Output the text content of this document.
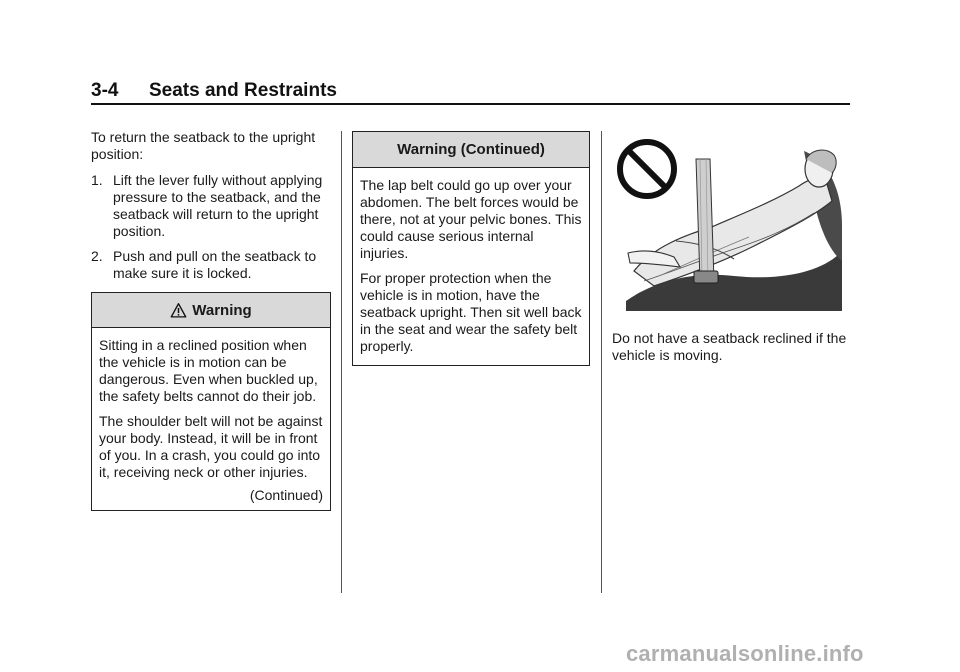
3-4 Seats and Restraints

To return the seatback to the upright position:

1. Lift the lever fully without applying pressure to the seatback, and the seatback will return to the upright position.
2. Push and pull on the seatback to make sure it is locked.
Warning

Sitting in a reclined position when the vehicle is in motion can be dangerous. Even when buckled up, the safety belts cannot do their job.

The shoulder belt will not be against your body. Instead, it will be in front of you. In a crash, you could go into it, receiving neck or other injuries.

(Continued)
Warning (Continued)

The lap belt could go up over your abdomen. The belt forces would be there, not at your pelvic bones. This could cause serious internal injuries.

For proper protection when the vehicle is in motion, have the seatback upright. Then sit well back in the seat and wear the safety belt properly.	Do not have a seatback reclined if the vehicle is moving.

carmanualsonline.info
